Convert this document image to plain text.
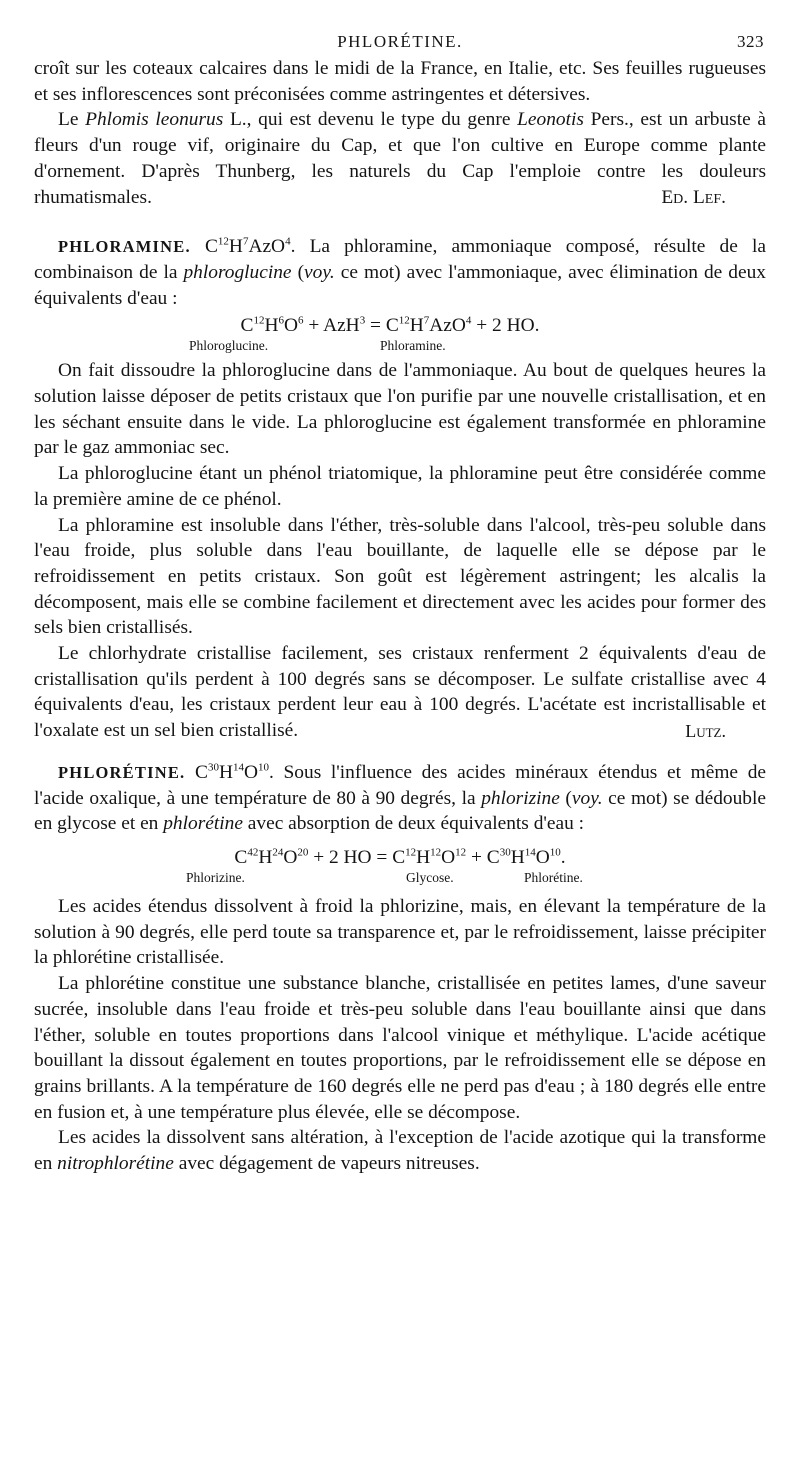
PHLORÉTINE.	323

croît sur les coteaux calcaires dans le midi de la France, en Italie, etc. Ses feuilles rugueuses et ses inflorescences sont préconisées comme astringentes et détersives.

Le Phlomis leonurus L., qui est devenu le type du genre Leonotis Pers., est un arbuste à fleurs d'un rouge vif, originaire du Cap, et que l'on cultive en Europe comme plante d'ornement. D'après Thunberg, les naturels du Cap l'emploie contre les douleurs rhumatismales.	Ed. Lef.

PHLORAMINE. $C^{12}H^7AzO^4$. La phloramine, ammoniaque composé, résulte de la combinaison de la phloroglucine (voy. ce mot) avec l'ammoniaque, avec élimination de deux équivalents d'eau :

$C^{12}H^6O^6 + AzH^3 = C^{12}H^7AzO^4 + 2$ HO.
Phloroglucine.	Phloramine.

On fait dissoudre la phloroglucine dans de l'ammoniaque. Au bout de quelques heures la solution laisse déposer de petits cristaux que l'on purifie par une nouvelle cristallisation, et en les séchant ensuite dans le vide. La phloroglucine est également transformée en phloramine par le gaz ammoniac sec.

La phloroglucine étant un phénol triatomique, la phloramine peut être considérée comme la première amine de ce phénol.

La phloramine est insoluble dans l'éther, très-soluble dans l'alcool, très-peu soluble dans l'eau froide, plus soluble dans l'eau bouillante, de laquelle elle se dépose par le refroidissement en petits cristaux. Son goût est légèrement astringent; les alcalis la décomposent, mais elle se combine facilement et directement avec les acides pour former des sels bien cristallisés.

Le chlorhydrate cristallise facilement, ses cristaux renferment 2 équivalents d'eau de cristallisation qu'ils perdent à 100 degrés sans se décomposer. Le sulfate cristallise avec 4 équivalents d'eau, les cristaux perdent leur eau à 100 degrés. L'acétate est incristallisable et l'oxalate est un sel bien cristallisé.	Lutz.

PHLORÉTINE. $C^{30}H^{14}O^{10}$. Sous l'influence des acides minéraux étendus et même de l'acide oxalique, à une température de 80 à 90 degrés, la phlorizine (voy. ce mot) se dédouble en glycose et en phlorétine avec absorption de deux équivalents d'eau :

$C^{42}H^{24}O^{20} + 2$ HO = $C^{12}H^{12}O^{12} + C^{30}H^{14}O^{10}$.
Phlorizine.	Glycose.	Phlorétine.

Les acides étendus dissolvent à froid la phlorizine, mais, en élevant la température de la solution à 90 degrés, elle perd toute sa transparence et, par le refroidissement, laisse précipiter la phlorétine cristallisée.

La phlorétine constitue une substance blanche, cristallisée en petites lames, d'une saveur sucrée, insoluble dans l'eau froide et très-peu soluble dans l'eau bouillante ainsi que dans l'éther, soluble en toutes proportions dans l'alcool vinique et méthylique. L'acide acétique bouillant la dissout également en toutes proportions, par le refroidissement elle se dépose en grains brillants. A la température de 160 degrés elle ne perd pas d'eau ; à 180 degrés elle entre en fusion et, à une température plus élevée, elle se décompose.

Les acides la dissolvent sans altération, à l'exception de l'acide azotique qui la transforme en nitrophlorétine avec dégagement de vapeurs nitreuses.
